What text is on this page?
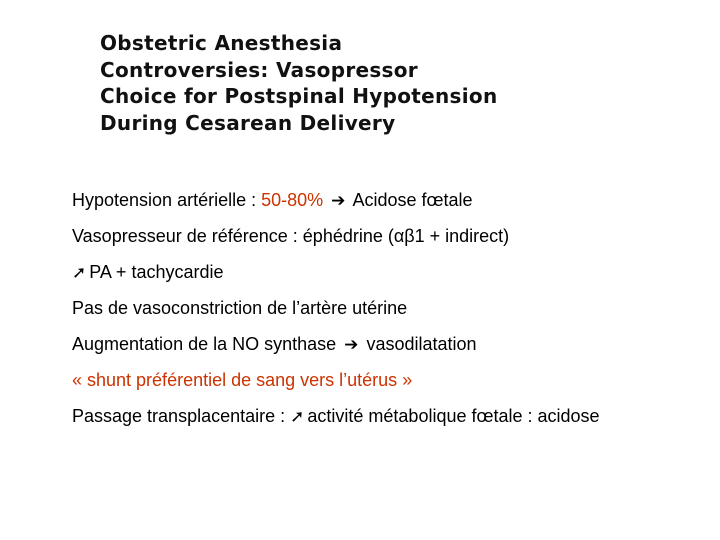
Obstetric Anesthesia
Controversies: Vasopressor
Choice for Postspinal Hypotension
During Cesarean Delivery

Hypotension artérielle : 50-80% ➔ Acidose fœtale

Vasopresseur de référence : éphédrine (αβ1 + indirect)

➚ PA + tachycardie

Pas de vasoconstriction de l’artère utérine

Augmentation de la NO synthase ➔ vasodilatation

« shunt préférentiel de sang vers l’utérus »

Passage transplacentaire : ➚ activité métabolique fœtale : acidose
